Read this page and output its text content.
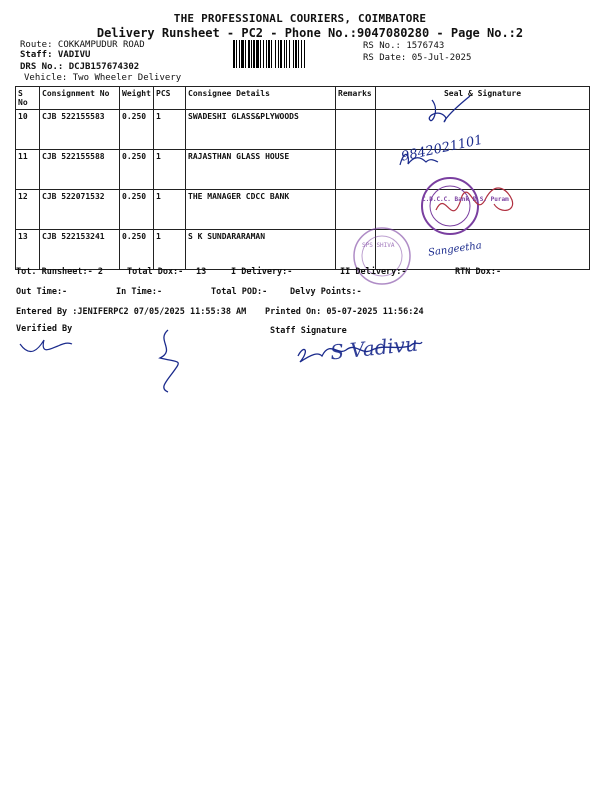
THE PROFESSIONAL COURIERS, COIMBATORE
Delivery Runsheet - PC2 - Phone No.:9047080280 - Page No.:2
Route: COKKAMPUDUR ROAD
Staff: VADIVU
DRS No.: DCJB157674302
Vehicle: Two Wheeler Delivery
RS No.: 1576743
RS Date: 05-Jul-2025
S No	Consignment No	Weight	PCS	Consignee Details	Remarks	Seal & Signature
10	CJB 522155583	0.250	1	SWADESHI GLASS&PLYWOODS		
11	CJB 522155588	0.250	1	RAJASTHAN GLASS HOUSE		
12	CJB 522071532	0.250	1	THE MANAGER CDCC BANK		
13	CJB 522153241	0.250	1	S K SUNDARARAMAN		
9842021101
C.D.C.C. Bank R.S. Puram
SPS SHIVA	Sangeetha
S Vadivu
Tot. Runsheet:- 2	Total Dox:- 13	I Delivery:-	II Delivery:-	RTN Dox:-
Out Time:-	In Time:-	Total POD:-	Delvy Points:-
Entered By :JENIFERPC2 07/05/2025 11:55:38 AM Printed On: 05-07-2025 11:56:24
Verified By	Staff Signature
